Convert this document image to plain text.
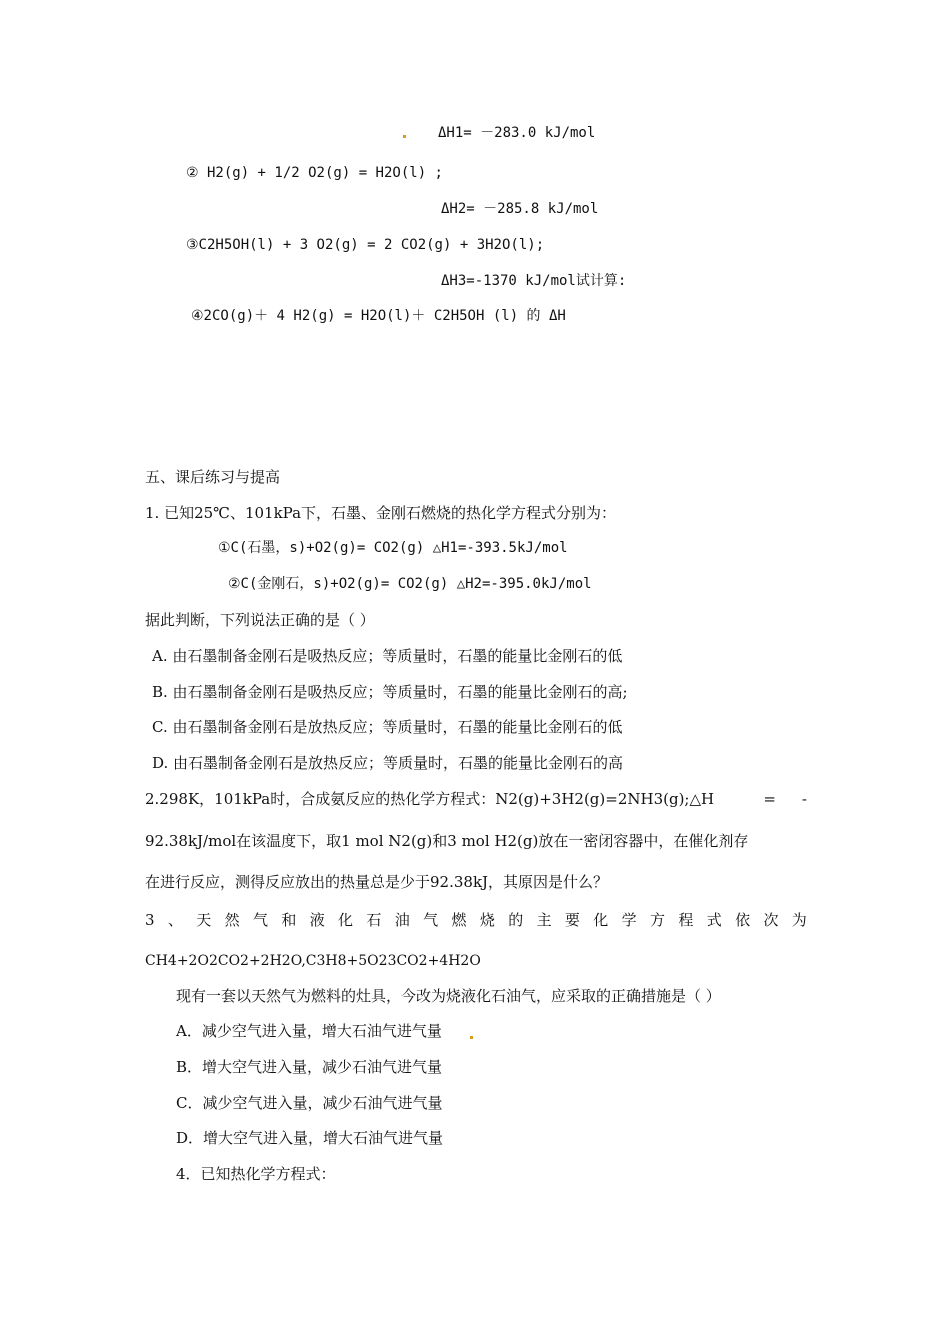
ΔH1= －283.0 kJ/mol
② H2(g) + 1/2 O2(g) = H2O(l) ;
ΔH2= －285.8 kJ/mol
③C2H5OH(l) + 3 O2(g) = 2 CO2(g) + 3H2O(l);
ΔH3=-1370 kJ/mol试计算:
④2CO(g)＋ 4 H2(g) = H2O(l)＋ C2H5OH (l) 的 ΔH
五、课后练习与提高
1. 已知25℃、101kPa下，石墨、金刚石燃烧的热化学方程式分别为：
①C(石墨，s)+O2(g)= CO2(g) △H1=-393.5kJ/mol
②C(金刚石，s)+O2(g)= CO2(g) △H2=-395.0kJ/mol
据此判断，下列说法正确的是（ ）
A. 由石墨制备金刚石是吸热反应；等质量时，石墨的能量比金刚石的低
B. 由石墨制备金刚石是吸热反应；等质量时，石墨的能量比金刚石的高;
C. 由石墨制备金刚石是放热反应；等质量时，石墨的能量比金刚石的低
D. 由石墨制备金刚石是放热反应；等质量时，石墨的能量比金刚石的高
2.298K，101kPa时，合成氨反应的热化学方程式：N2(g)+3H2(g)=2NH3(g);△H	= -
92.38kJ/mol在该温度下，取1 mol N2(g)和3 mol H2(g)放在一密闭容器中，在催化剂存
在进行反应，测得反应放出的热量总是少于92.38kJ，其原因是什么？
3 、 天 然 气 和 液 化 石 油 气 燃 烧 的 主 要 化 学 方 程 式 依 次 为
CH4+2O2CO2+2H2O,C3H8+5O23CO2+4H2O
现有一套以天然气为燃料的灶具，今改为烧液化石油气，应采取的正确措施是（ ）
A．减少空气进入量，增大石油气进气量
B．增大空气进入量，减少石油气进气量
C．减少空气进入量，减少石油气进气量
D．增大空气进入量，增大石油气进气量
4．已知热化学方程式：
